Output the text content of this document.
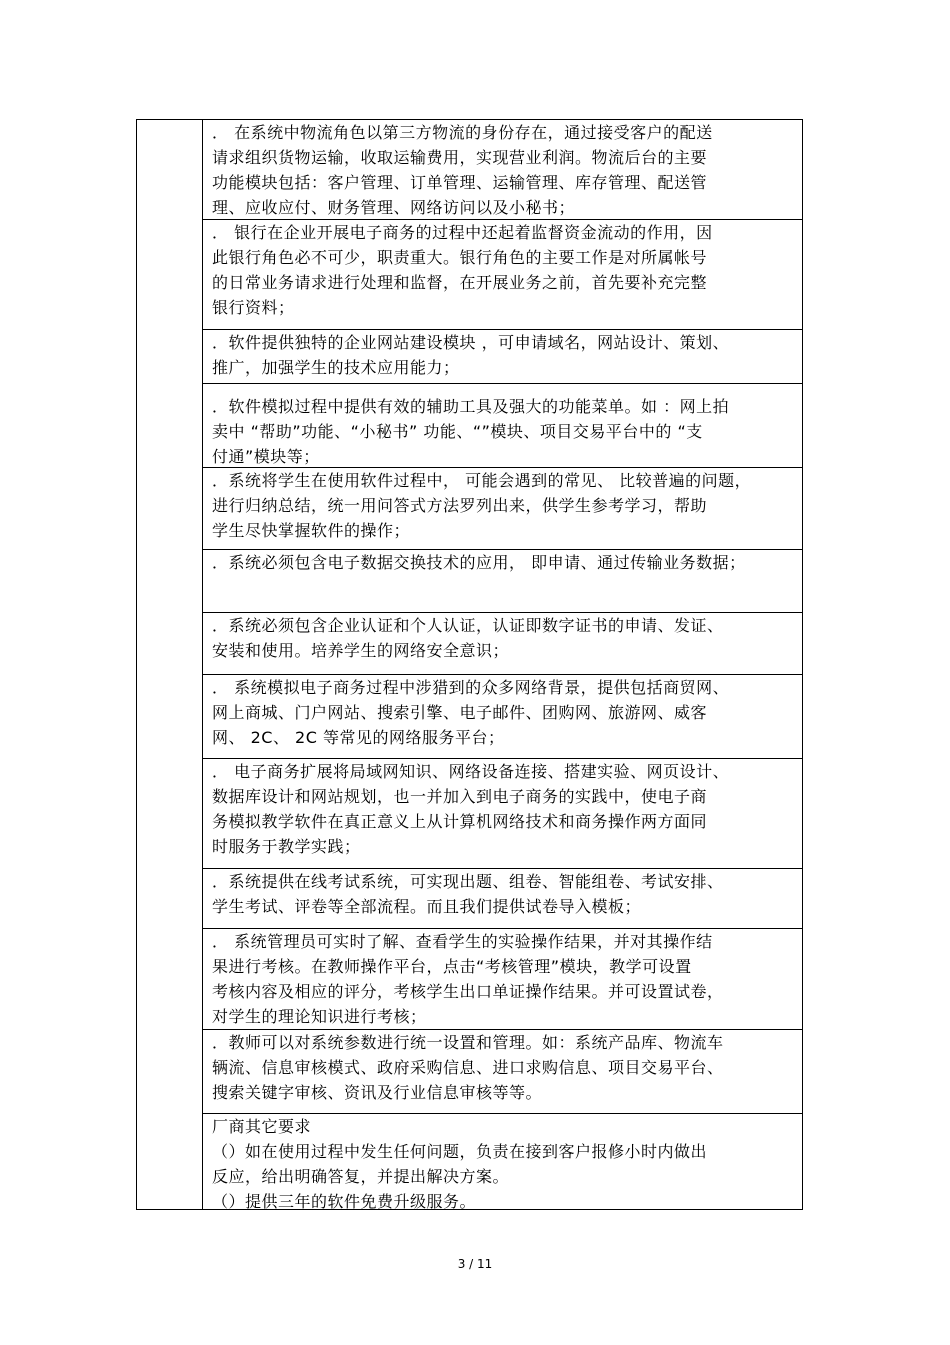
． 在系统中物流角色以第三方物流的身份存在，通过接受客户的配送
请求组织货物运输，收取运输费用，实现营业利润。物流后台的主要
功能模块包括：客户管理、订单管理、运输管理、库存管理、配送管
理、应收应付、财务管理、网络访问以及小秘书；
． 银行在企业开展电子商务的过程中还起着监督资金流动的作用，因
此银行角色必不可少，职责重大。银行角色的主要工作是对所属帐号
的日常业务请求进行处理和监督，在开展业务之前，首先要补充完整
银行资料；
．软件提供独特的企业网站建设模块 ，可申请域名，网站设计、策划、
推广，加强学生的技术应用能力；
．软件模拟过程中提供有效的辅助工具及强大的功能菜单。如 ：网上拍
卖中 “帮助”功能、“小秘书” 功能、“”模块、项目交易平台中的 “支
付通”模块等；
．系统将学生在使用软件过程中， 可能会遇到的常见、 比较普遍的问题，
进行归纳总结，统一用问答式方法罗列出来，供学生参考学习，帮助
学生尽快掌握软件的操作；
．系统必须包含电子数据交换技术的应用， 即申请、通过传输业务数据；
．系统必须包含企业认证和个人认证，认证即数字证书的申请、发证、
安装和使用。培养学生的网络安全意识；
． 系统模拟电子商务过程中涉猎到的众多网络背景，提供包括商贸网、
网上商城、门户网站、搜索引擎、电子邮件、团购网、旅游网、威客
网、 2C、 2C 等常见的网络服务平台；
． 电子商务扩展将局域网知识、网络设备连接、搭建实验、网页设计、
数据库设计和网站规划，也一并加入到电子商务的实践中，使电子商
务模拟教学软件在真正意义上从计算机网络技术和商务操作两方面同
时服务于教学实践；
．系统提供在线考试系统，可实现出题、组卷、智能组卷、考试安排、
学生考试、评卷等全部流程。而且我们提供试卷导入模板；
． 系统管理员可实时了解、查看学生的实验操作结果，并对其操作结
果进行考核。在教师操作平台，点击“考核管理”模块，教学可设置
考核内容及相应的评分，考核学生出口单证操作结果。并可设置试卷，
对学生的理论知识进行考核；
．教师可以对系统参数进行统一设置和管理。如：系统产品库、物流车
辆流、信息审核模式、政府采购信息、进口求购信息、项目交易平台、
搜索关键字审核、资讯及行业信息审核等等。
厂商其它要求
（）如在使用过程中发生任何问题，负责在接到客户报修小时内做出
反应，给出明确答复，并提出解决方案。
（）提供三年的软件免费升级服务。
3 / 11
